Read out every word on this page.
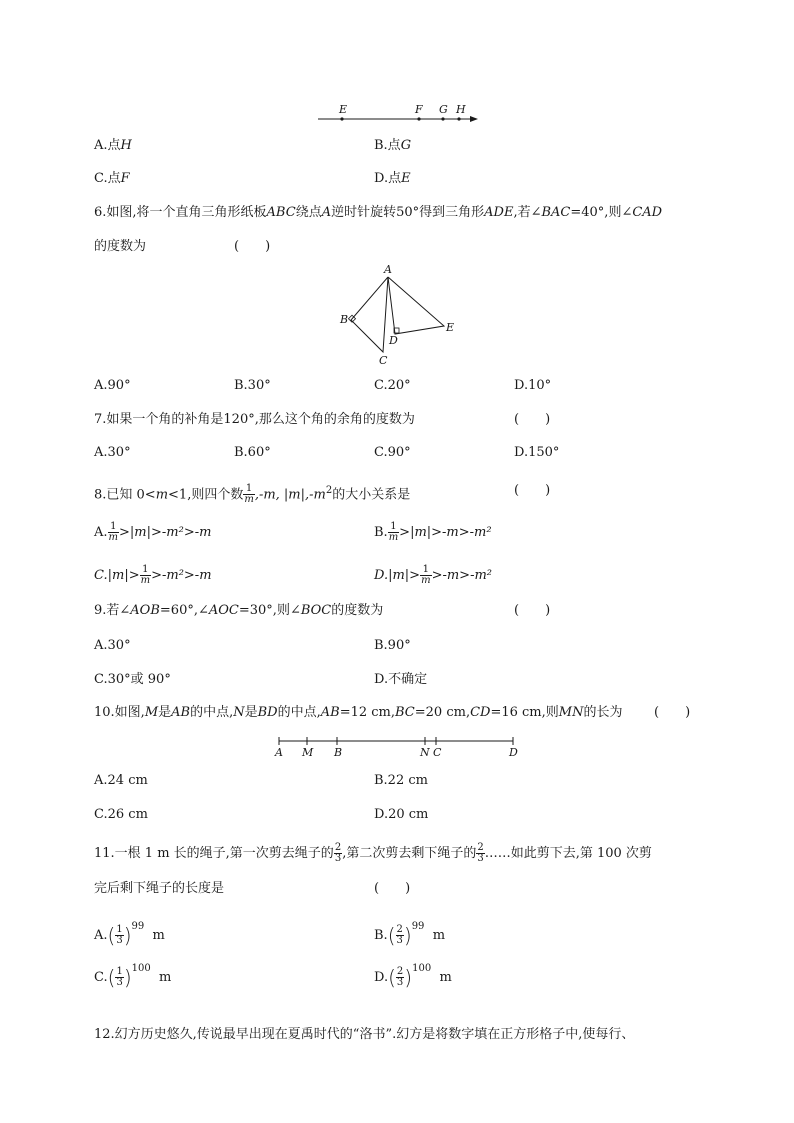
E	F G H
A.点H	B.点G
C.点F	D.点E
6.如图,将一个直角三角形纸板ABC绕点A逆时针旋转50°得到三角形ADE,若∠BAC=40°,则∠CAD
的度数为	(　　)
A
B
C
D
E
A.90°	B.30°	C.20°	D.10°
7.如果一个角的补角是120°,那么这个角的余角的度数为	(　　)
A.30°	B.60°	C.90°	D.150°
8.已知 0<m<1,则四个数 $\frac{1}{m} ,-m$, $|m|,-m^2$的大小关系是	(　　)
A. $\frac{1}{m} >|m|>-m^2>-m$	B. $\frac{1}{m} >|m|>-m>-m^2$
$C.|m|> \frac{1}{m} >-m^2>-m$	$D.|m|> \frac{1}{m} >-m>-m^2$
9.若∠AOB=60°,∠AOC=30°,则∠BOC的度数为	(　　)
A.30°	B.90°
C.30°或 90°	D.不确定
10.如图,M是AB的中点,N是BD的中点,AB=12 cm,BC=20 cm,CD=16 cm,则MN的长为 (　　)
A M B	N C	D
A.24 cm	B.22 cm
C.26 cm	D.20 cm
11.一根 1 m 长的绳子,第一次剪去绳子的 $\frac{2}{3}$ ,第二次剪去剩下绳子的 $\frac{2}{3}$ ……如此剪下去,第 100 次剪
完后剩下绳子的长度是	(　　)
$A.( \frac{1}{3} )^{99}$  m	$B.( \frac{2}{3} )^{99}$  m
$C.( \frac{1}{3} )^{100}$  m	$D.( \frac{2}{3} )^{100}$  m
12.幻方历史悠久,传说最早出现在夏禹时代的“洛书”.幻方是将数字填在正方形格子中,使每行、
